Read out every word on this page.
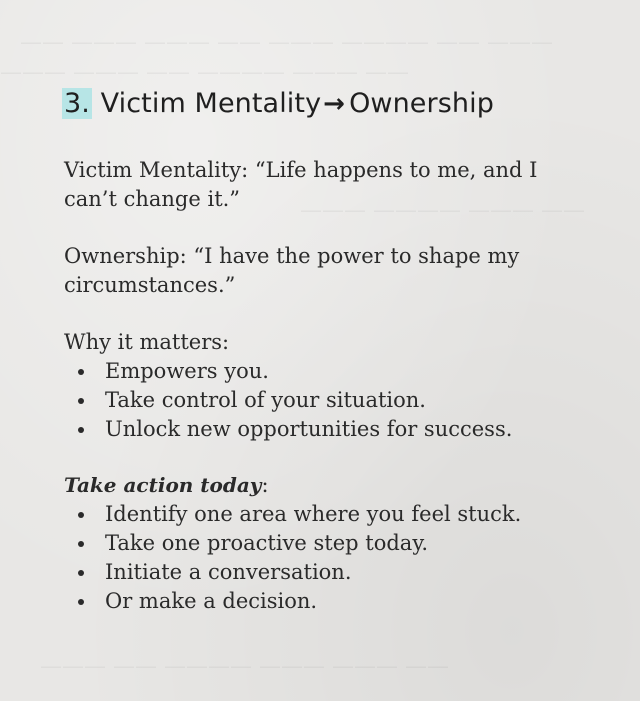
3. Victim Mentality→ Ownership
Victim Mentality: “Life happens to me, and I
can’t change it.”
Ownership: “I have the power to shape my
circumstances.”
Why it matters:
Empowers you.
Take control of your situation.
Unlock new opportunities for success.
Take action today:
Identify one area where you feel stuck.
Take one proactive step today.
Initiate a conversation.
Or make a decision.
